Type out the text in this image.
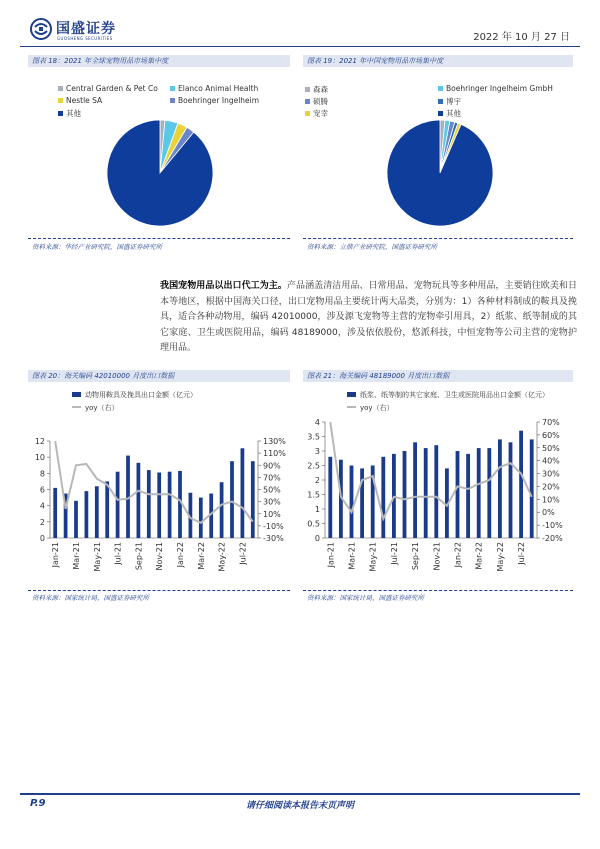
国盛证券
GUOSHENG SECURITIES	2022 年 10 月 27 日
图表 18：2021 年全球宠物用品市场集中度
Central Garden & Pet Co	Elanco Animal Health
Nestle SA	Boehringer Ingelheim
其他
资料来源：华经产业研究院，国盛证券研究所
图表 19：2021 年中国宠物用品市场集中度
森森	Boehringer Ingelheim GmbH
硕腾	博宇
宠幸	其他
资料来源：立鼎产业研究院，国盛证券研究所
我国宠物用品以出口代工为主。产品涵盖清洁用品、日常用品、宠物玩具等多种用品，主要销往欧美和日本等地区，根据中国海关口径，出口宠物用品主要统计两大品类，分别为：1）各种材料制成的鞍具及挽具，适合各种动物用，编码 42010000，涉及源飞宠物等主营的宠物牵引用具，2）纸浆、纸等制成的其它家庭、卫生或医院用品，编码 48189000，涉及依依股份，悠派科技，中恒宠物等公司主营的宠物护理用品。
图表 20：海关编码 42010000 月度出口数据
动物用鞍具及挽具出口金额（亿元）
yoy（右）
0
2
4
6
8
10
12
-30%
-10%
10%
30%
50%
70%
90%
110%
130%
Jan-21 Mar-21 May-21 Jul-21 Sep-21 Nov-21 Jan-22 Mar-22 May-22 Jul-22
资料来源：国家统计局，国盛证券研究所
图表 21：海关编码 48189000 月度出口数据
纸浆、纸等制的其它家庭、卫生或医院用品出口金额（亿元）
yoy（右）
0
0.5
1
1.5
2
2.5
3
3.5
4
-20%
-10%
0%
10%
20%
30%
40%
50%
60%
70%
Jan-21 Mar-21 May-21 Jul-21 Sep-21 Nov-21 Jan-22 Mar-22 May-22 Jul-22
资料来源：国家统计局，国盛证券研究所
P.9	请仔细阅读本报告末页声明
